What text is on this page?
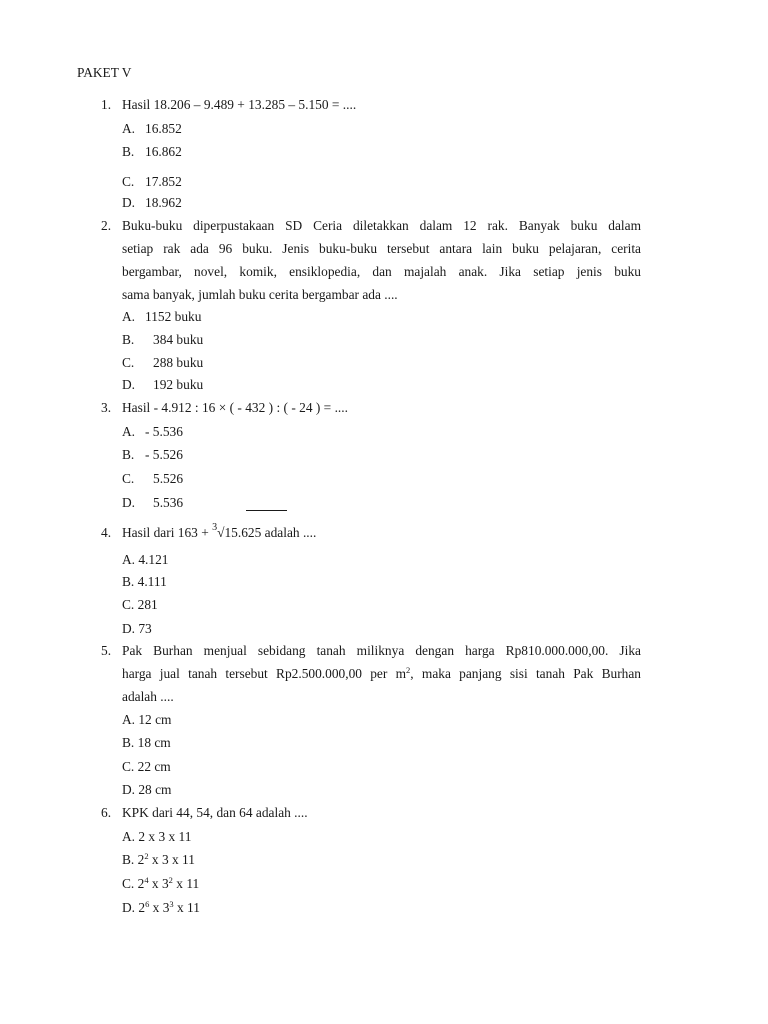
PAKET V
1. Hasil 18.206 – 9.489 + 13.285 – 5.150 = ....
A. 16.852
B. 16.862
C. 17.852
D. 18.962
2. Buku-buku diperpustakaan SD Ceria diletakkan dalam 12 rak. Banyak buku dalam
setiap rak ada 96 buku. Jenis buku-buku tersebut antara lain buku pelajaran, cerita
bergambar, novel, komik, ensiklopedia, dan majalah anak. Jika setiap jenis buku
sama banyak, jumlah buku cerita bergambar ada ....
A. 1152 buku
B. 384 buku
C. 288 buku
D. 192 buku
3. Hasil - 4.912 : 16 × ( - 432 ) : ( - 24 ) = ....
A. - 5.536
B. - 5.526
C. 5.526
D. 5.536
4. Hasil dari 163 + $^3$√15.625 adalah ....
A. 4.121
B. 4.111
C. 281
D. 73
5. Pak Burhan menjual sebidang tanah miliknya dengan harga Rp810.000.000,00. Jika
harga jual tanah tersebut Rp2.500.000,00 per $m^2$, maka panjang sisi tanah Pak Burhan
adalah ....
A. 12 cm
B. 18 cm
C. 22 cm
D. 28 cm
6. KPK dari 44, 54, dan 64 adalah ....
A. 2 x 3 x 11
B. $2^2$ x 3 x 11
C. $2^4$ x $3^2$ x 11
D. $2^6$ x $3^3$ x 11
